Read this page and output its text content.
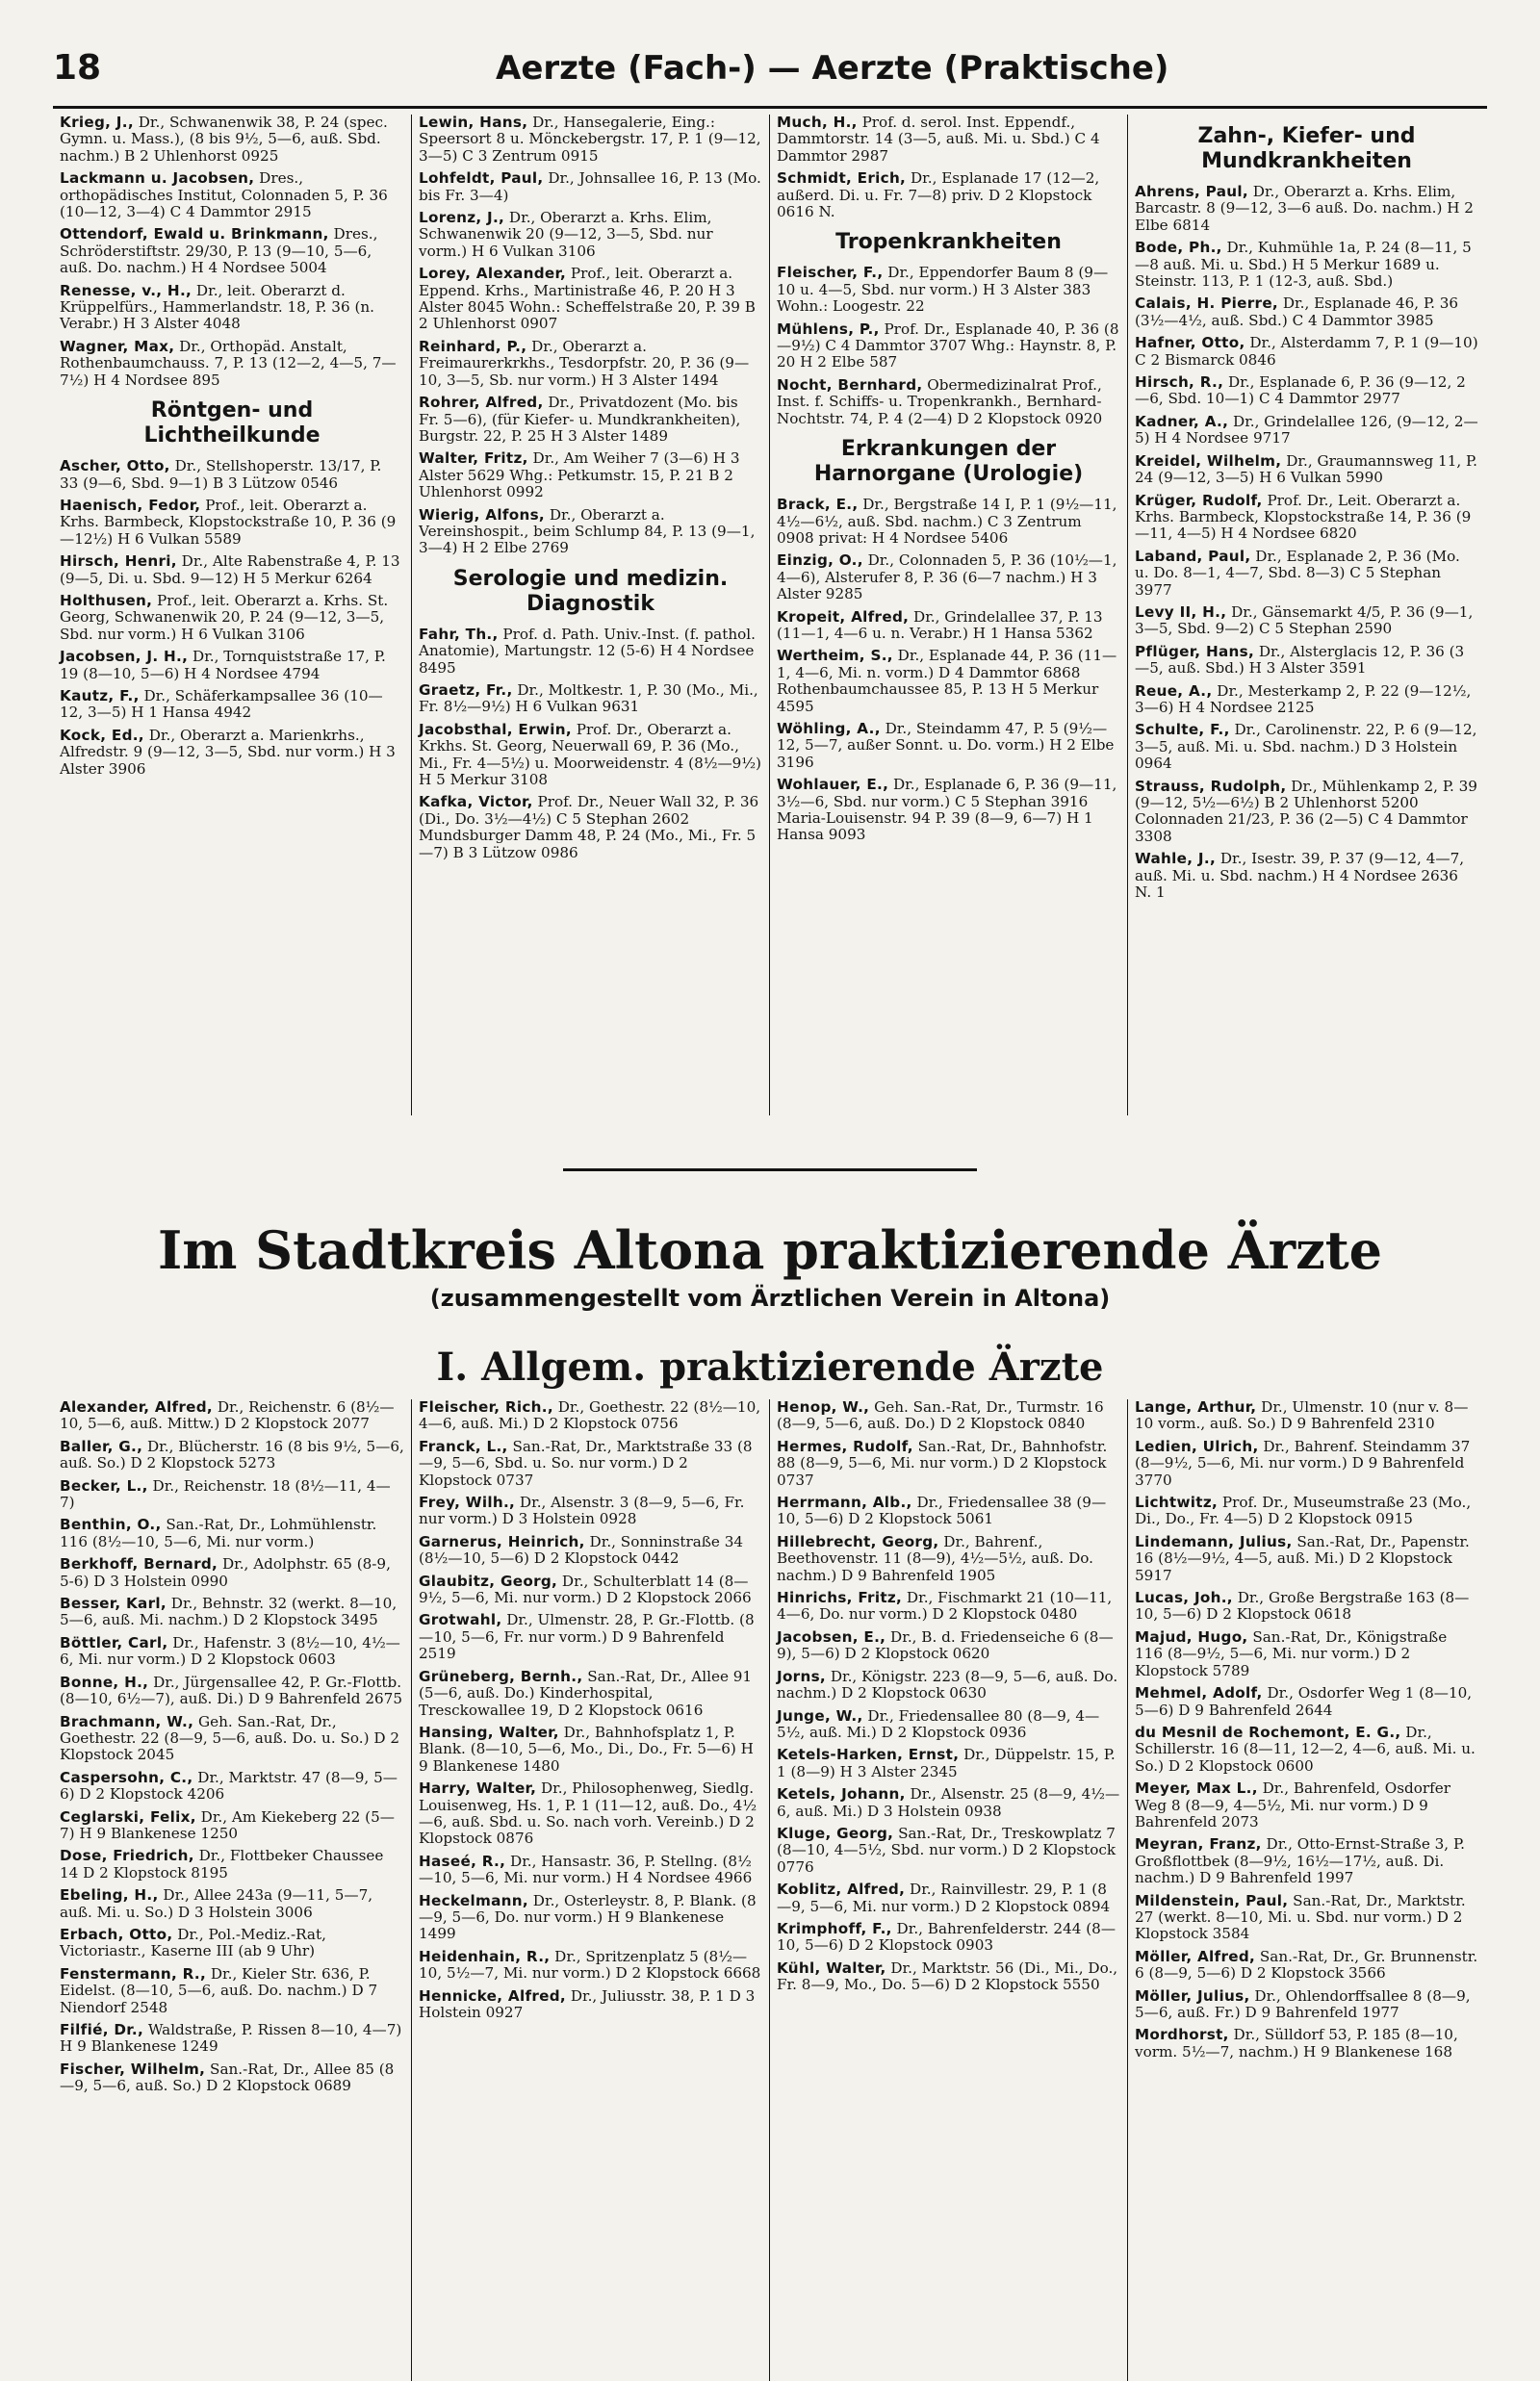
18	Aerzte (Fach-) — Aerzte (Praktische)
Krieg, J., Dr., Schwanenwik 38, P. 24 (spec. Gymn. u. Mass.), (8 bis 9½, 5—6, auß. Sbd. nachm.) B 2 Uhlenhorst 0925
Lackmann u. Jacobsen, Dres., orthopädisches Institut, Colonnaden 5, P. 36 (10—12, 3—4) C 4 Dammtor 2915
Ottendorf, Ewald u. Brinkmann, Dres., Schröderstiftstr. 29/30, P. 13 (9—10, 5—6, auß. Do. nachm.) H 4 Nordsee 5004
Renesse, v., H., Dr., leit. Oberarzt d. Krüppelfürs., Hammerlandstr. 18, P. 36 (n. Verabr.) H 3 Alster 4048
Wagner, Max, Dr., Orthopäd. Anstalt, Rothenbaumchauss. 7, P. 13 (12—2, 4—5, 7—7½) H 4 Nordsee 895
Röntgen- und Lichtheilkunde
Ascher, Otto, Dr., Stellshoperstr. 13/17, P. 33 (9—6, Sbd. 9—1) B 3 Lützow 0546
Haenisch, Fedor, Prof., leit. Oberarzt a. Krhs. Barmbeck, Klopstockstraße 10, P. 36 (9—12½) H 6 Vulkan 5589
Hirsch, Henri, Dr., Alte Rabenstraße 4, P. 13 (9—5, Di. u. Sbd. 9—12) H 5 Merkur 6264
Holthusen, Prof., leit. Oberarzt a. Krhs. St. Georg, Schwanenwik 20, P. 24 (9—12, 3—5, Sbd. nur vorm.) H 6 Vulkan 3106
Jacobsen, J. H., Dr., Tornquiststraße 17, P. 19 (8—10, 5—6) H 4 Nordsee 4794
Kautz, F., Dr., Schäferkampsallee 36 (10—12, 3—5) H 1 Hansa 4942
Kock, Ed., Dr., Oberarzt a. Marienkrhs., Alfredstr. 9 (9—12, 3—5, Sbd. nur vorm.) H 3 Alster 3906
Lewin, Hans, Dr., Hansegalerie, Eing.: Speersort 8 u. Mönckebergstr. 17, P. 1 (9—12, 3—5) C 3 Zentrum 0915
Lohfeldt, Paul, Dr., Johnsallee 16, P. 13 (Mo. bis Fr. 3—4)
Lorenz, J., Dr., Oberarzt a. Krhs. Elim, Schwanenwik 20 (9—12, 3—5, Sbd. nur vorm.) H 6 Vulkan 3106
Lorey, Alexander, Prof., leit. Oberarzt a. Eppend. Krhs., Martinistraße 46, P. 20 H 3 Alster 8045 Wohn.: Scheffelstraße 20, P. 39 B 2 Uhlenhorst 0907
Reinhard, P., Dr., Oberarzt a. Freimaurerkrkhs., Tesdorpfstr. 20, P. 36 (9—10, 3—5, Sb. nur vorm.) H 3 Alster 1494
Rohrer, Alfred, Dr., Privatdozent (Mo. bis Fr. 5—6), (für Kiefer- u. Mundkrankheiten), Burgstr. 22, P. 25 H 3 Alster 1489
Walter, Fritz, Dr., Am Weiher 7 (3—6) H 3 Alster 5629 Whg.: Petkumstr. 15, P. 21 B 2 Uhlenhorst 0992
Wierig, Alfons, Dr., Oberarzt a. Vereinshospit., beim Schlump 84, P. 13 (9—1, 3—4) H 2 Elbe 2769
Serologie und medizin. Diagnostik
Fahr, Th., Prof. d. Path. Univ.-Inst. (f. pathol. Anatomie), Martungstr. 12 (5-6) H 4 Nordsee 8495
Graetz, Fr., Dr., Moltkestr. 1, P. 30 (Mo., Mi., Fr. 8½—9½) H 6 Vulkan 9631
Jacobsthal, Erwin, Prof. Dr., Oberarzt a. Krkhs. St. Georg, Neuerwall 69, P. 36 (Mo., Mi., Fr. 4—5½) u. Moorweidenstr. 4 (8½—9½) H 5 Merkur 3108
Kafka, Victor, Prof. Dr., Neuer Wall 32, P. 36 (Di., Do. 3½—4½) C 5 Stephan 2602 Mundsburger Damm 48, P. 24 (Mo., Mi., Fr. 5—7) B 3 Lützow 0986
Much, H., Prof. d. serol. Inst. Eppendf., Dammtorstr. 14 (3—5, auß. Mi. u. Sbd.) C 4 Dammtor 2987
Schmidt, Erich, Dr., Esplanade 17 (12—2, außerd. Di. u. Fr. 7—8) priv. D 2 Klopstock 0616 N.
Tropenkrankheiten
Fleischer, F., Dr., Eppendorfer Baum 8 (9—10 u. 4—5, Sbd. nur vorm.) H 3 Alster 383 Wohn.: Loogestr. 22
Mühlens, P., Prof. Dr., Esplanade 40, P. 36 (8—9½) C 4 Dammtor 3707 Whg.: Haynstr. 8, P. 20 H 2 Elbe 587
Nocht, Bernhard, Obermedizinalrat Prof., Inst. f. Schiffs- u. Tropenkrankh., Bernhard-Nochtstr. 74, P. 4 (2—4) D 2 Klopstock 0920
Erkrankungen der Harnorgane (Urologie)
Brack, E., Dr., Bergstraße 14 I, P. 1 (9½—11, 4½—6½, auß. Sbd. nachm.) C 3 Zentrum 0908 privat: H 4 Nordsee 5406
Einzig, O., Dr., Colonnaden 5, P. 36 (10½—1, 4—6), Alsterufer 8, P. 36 (6—7 nachm.) H 3 Alster 9285
Kropeit, Alfred, Dr., Grindelallee 37, P. 13 (11—1, 4—6 u. n. Verabr.) H 1 Hansa 5362
Wertheim, S., Dr., Esplanade 44, P. 36 (11—1, 4—6, Mi. n. vorm.) D 4 Dammtor 6868 Rothenbaumchaussee 85, P. 13 H 5 Merkur 4595
Wöhling, A., Dr., Steindamm 47, P. 5 (9½—12, 5—7, außer Sonnt. u. Do. vorm.) H 2 Elbe 3196
Wohlauer, E., Dr., Esplanade 6, P. 36 (9—11, 3½—6, Sbd. nur vorm.) C 5 Stephan 3916 Maria-Louisenstr. 94 P. 39 (8—9, 6—7) H 1 Hansa 9093
Zahn-, Kiefer- und Mundkrankheiten
Ahrens, Paul, Dr., Oberarzt a. Krhs. Elim, Barcastr. 8 (9—12, 3—6 auß. Do. nachm.) H 2 Elbe 6814
Bode, Ph., Dr., Kuhmühle 1a, P. 24 (8—11, 5—8 auß. Mi. u. Sbd.) H 5 Merkur 1689 u. Steinstr. 113, P. 1 (12-3, auß. Sbd.)
Calais, H. Pierre, Dr., Esplanade 46, P. 36 (3½—4½, auß. Sbd.) C 4 Dammtor 3985
Hafner, Otto, Dr., Alsterdamm 7, P. 1 (9—10) C 2 Bismarck 0846
Hirsch, R., Dr., Esplanade 6, P. 36 (9—12, 2—6, Sbd. 10—1) C 4 Dammtor 2977
Kadner, A., Dr., Grindelallee 126, (9—12, 2—5) H 4 Nordsee 9717
Kreidel, Wilhelm, Dr., Graumannsweg 11, P. 24 (9—12, 3—5) H 6 Vulkan 5990
Krüger, Rudolf, Prof. Dr., Leit. Oberarzt a. Krhs. Barmbeck, Klopstockstraße 14, P. 36 (9—11, 4—5) H 4 Nordsee 6820
Laband, Paul, Dr., Esplanade 2, P. 36 (Mo. u. Do. 8—1, 4—7, Sbd. 8—3) C 5 Stephan 3977
Levy II, H., Dr., Gänsemarkt 4/5, P. 36 (9—1, 3—5, Sbd. 9—2) C 5 Stephan 2590
Pflüger, Hans, Dr., Alsterglacis 12, P. 36 (3—5, auß. Sbd.) H 3 Alster 3591
Reue, A., Dr., Mesterkamp 2, P. 22 (9—12½, 3—6) H 4 Nordsee 2125
Schulte, F., Dr., Carolinenstr. 22, P. 6 (9—12, 3—5, auß. Mi. u. Sbd. nachm.) D 3 Holstein 0964
Strauss, Rudolph, Dr., Mühlenkamp 2, P. 39 (9—12, 5½—6½) B 2 Uhlenhorst 5200 Colonnaden 21/23, P. 36 (2—5) C 4 Dammtor 3308
Wahle, J., Dr., Isestr. 39, P. 37 (9—12, 4—7, auß. Mi. u. Sbd. nachm.) H 4 Nordsee 2636 N. 1
Im Stadtkreis Altona praktizierende Ärzte
(zusammengestellt vom Ärztlichen Verein in Altona)
I. Allgem. praktizierende Ärzte
Alexander, Alfred, Dr., Reichenstr. 6 (8½—10, 5—6, auß. Mittw.) D 2 Klopstock 2077
Baller, G., Dr., Blücherstr. 16 (8 bis 9½, 5—6, auß. So.) D 2 Klopstock 5273
Becker, L., Dr., Reichenstr. 18 (8½—11, 4—7)
Benthin, O., San.-Rat, Dr., Lohmühlenstr. 116 (8½—10, 5—6, Mi. nur vorm.)
Berkhoff, Bernard, Dr., Adolphstr. 65 (8-9, 5-6) D 3 Holstein 0990
Besser, Karl, Dr., Behnstr. 32 (werkt. 8—10, 5—6, auß. Mi. nachm.) D 2 Klopstock 3495
Böttler, Carl, Dr., Hafenstr. 3 (8½—10, 4½—6, Mi. nur vorm.) D 2 Klopstock 0603
Bonne, H., Dr., Jürgensallee 42, P. Gr.-Flottb. (8—10, 6½—7), auß. Di.) D 9 Bahrenfeld 2675
Brachmann, W., Geh. San.-Rat, Dr., Goethestr. 22 (8—9, 5—6, auß. Do. u. So.) D 2 Klopstock 2045
Caspersohn, C., Dr., Marktstr. 47 (8—9, 5—6) D 2 Klopstock 4206
Ceglarski, Felix, Dr., Am Kiekeberg 22 (5—7) H 9 Blankenese 1250
Dose, Friedrich, Dr., Flottbeker Chaussee 14 D 2 Klopstock 8195
Ebeling, H., Dr., Allee 243a (9—11, 5—7, auß. Mi. u. So.) D 3 Holstein 3006
Erbach, Otto, Dr., Pol.-Mediz.-Rat, Victoriastr., Kaserne III (ab 9 Uhr)
Fenstermann, R., Dr., Kieler Str. 636, P. Eidelst. (8—10, 5—6, auß. Do. nachm.) D 7 Niendorf 2548
Filfié, Dr., Waldstraße, P. Rissen 8—10, 4—7) H 9 Blankenese 1249
Fischer, Wilhelm, San.-Rat, Dr., Allee 85 (8—9, 5—6, auß. So.) D 2 Klopstock 0689
Fleischer, Rich., Dr., Goethestr. 22 (8½—10, 4—6, auß. Mi.) D 2 Klopstock 0756
Franck, L., San.-Rat, Dr., Marktstraße 33 (8—9, 5—6, Sbd. u. So. nur vorm.) D 2 Klopstock 0737
Frey, Wilh., Dr., Alsenstr. 3 (8—9, 5—6, Fr. nur vorm.) D 3 Holstein 0928
Garnerus, Heinrich, Dr., Sonninstraße 34 (8½—10, 5—6) D 2 Klopstock 0442
Glaubitz, Georg, Dr., Schulterblatt 14 (8—9½, 5—6, Mi. nur vorm.) D 2 Klopstock 2066
Grotwahl, Dr., Ulmenstr. 28, P. Gr.-Flottb. (8—10, 5—6, Fr. nur vorm.) D 9 Bahrenfeld 2519
Grüneberg, Bernh., San.-Rat, Dr., Allee 91 (5—6, auß. Do.) Kinderhospital, Tresckowallee 19, D 2 Klopstock 0616
Hansing, Walter, Dr., Bahnhofsplatz 1, P. Blank. (8—10, 5—6, Mo., Di., Do., Fr. 5—6) H 9 Blankenese 1480
Harry, Walter, Dr., Philosophenweg, Siedlg. Louisenweg, Hs. 1, P. 1 (11—12, auß. Do., 4½—6, auß. Sbd. u. So. nach vorh. Vereinb.) D 2 Klopstock 0876
Haseé, R., Dr., Hansastr. 36, P. Stellng. (8½—10, 5—6, Mi. nur vorm.) H 4 Nordsee 4966
Heckelmann, Dr., Osterleystr. 8, P. Blank. (8—9, 5—6, Do. nur vorm.) H 9 Blankenese 1499
Heidenhain, R., Dr., Spritzenplatz 5 (8½—10, 5½—7, Mi. nur vorm.) D 2 Klopstock 6668
Hennicke, Alfred, Dr., Juliusstr. 38, P. 1 D 3 Holstein 0927
Henop, W., Geh. San.-Rat, Dr., Turmstr. 16 (8—9, 5—6, auß. Do.) D 2 Klopstock 0840
Hermes, Rudolf, San.-Rat, Dr., Bahnhofstr. 88 (8—9, 5—6, Mi. nur vorm.) D 2 Klopstock 0737
Herrmann, Alb., Dr., Friedensallee 38 (9—10, 5—6) D 2 Klopstock 5061
Hillebrecht, Georg, Dr., Bahrenf., Beethovenstr. 11 (8—9), 4½—5½, auß. Do. nachm.) D 9 Bahrenfeld 1905
Hinrichs, Fritz, Dr., Fischmarkt 21 (10—11, 4—6, Do. nur vorm.) D 2 Klopstock 0480
Jacobsen, E., Dr., B. d. Friedenseiche 6 (8—9), 5—6) D 2 Klopstock 0620
Jorns, Dr., Königstr. 223 (8—9, 5—6, auß. Do. nachm.) D 2 Klopstock 0630
Junge, W., Dr., Friedensallee 80 (8—9, 4—5½, auß. Mi.) D 2 Klopstock 0936
Ketels-Harken, Ernst, Dr., Düppelstr. 15, P. 1 (8—9) H 3 Alster 2345
Ketels, Johann, Dr., Alsenstr. 25 (8—9, 4½—6, auß. Mi.) D 3 Holstein 0938
Kluge, Georg, San.-Rat, Dr., Treskowplatz 7 (8—10, 4—5½, Sbd. nur vorm.) D 2 Klopstock 0776
Koblitz, Alfred, Dr., Rainvillestr. 29, P. 1 (8—9, 5—6, Mi. nur vorm.) D 2 Klopstock 0894
Krimphoff, F., Dr., Bahrenfelderstr. 244 (8—10, 5—6) D 2 Klopstock 0903
Kühl, Walter, Dr., Marktstr. 56 (Di., Mi., Do., Fr. 8—9, Mo., Do. 5—6) D 2 Klopstock 5550
Lange, Arthur, Dr., Ulmenstr. 10 (nur v. 8—10 vorm., auß. So.) D 9 Bahrenfeld 2310
Ledien, Ulrich, Dr., Bahrenf. Steindamm 37 (8—9½, 5—6, Mi. nur vorm.) D 9 Bahrenfeld 3770
Lichtwitz, Prof. Dr., Museumstraße 23 (Mo., Di., Do., Fr. 4—5) D 2 Klopstock 0915
Lindemann, Julius, San.-Rat, Dr., Papenstr. 16 (8½—9½, 4—5, auß. Mi.) D 2 Klopstock 5917
Lucas, Joh., Dr., Große Bergstraße 163 (8—10, 5—6) D 2 Klopstock 0618
Majud, Hugo, San.-Rat, Dr., Königstraße 116 (8—9½, 5—6, Mi. nur vorm.) D 2 Klopstock 5789
Mehmel, Adolf, Dr., Osdorfer Weg 1 (8—10, 5—6) D 9 Bahrenfeld 2644
du Mesnil de Rochemont, E. G., Dr., Schillerstr. 16 (8—11, 12—2, 4—6, auß. Mi. u. So.) D 2 Klopstock 0600
Meyer, Max L., Dr., Bahrenfeld, Osdorfer Weg 8 (8—9, 4—5½, Mi. nur vorm.) D 9 Bahrenfeld 2073
Meyran, Franz, Dr., Otto-Ernst-Straße 3, P. Großflottbek (8—9½, 16½—17½, auß. Di. nachm.) D 9 Bahrenfeld 1997
Mildenstein, Paul, San.-Rat, Dr., Marktstr. 27 (werkt. 8—10, Mi. u. Sbd. nur vorm.) D 2 Klopstock 3584
Möller, Alfred, San.-Rat, Dr., Gr. Brunnenstr. 6 (8—9, 5—6) D 2 Klopstock 3566
Möller, Julius, Dr., Ohlendorffsallee 8 (8—9, 5—6, auß. Fr.) D 9 Bahrenfeld 1977
Mordhorst, Dr., Sülldorf 53, P. 185 (8—10, vorm. 5½—7, nachm.) H 9 Blankenese 168
